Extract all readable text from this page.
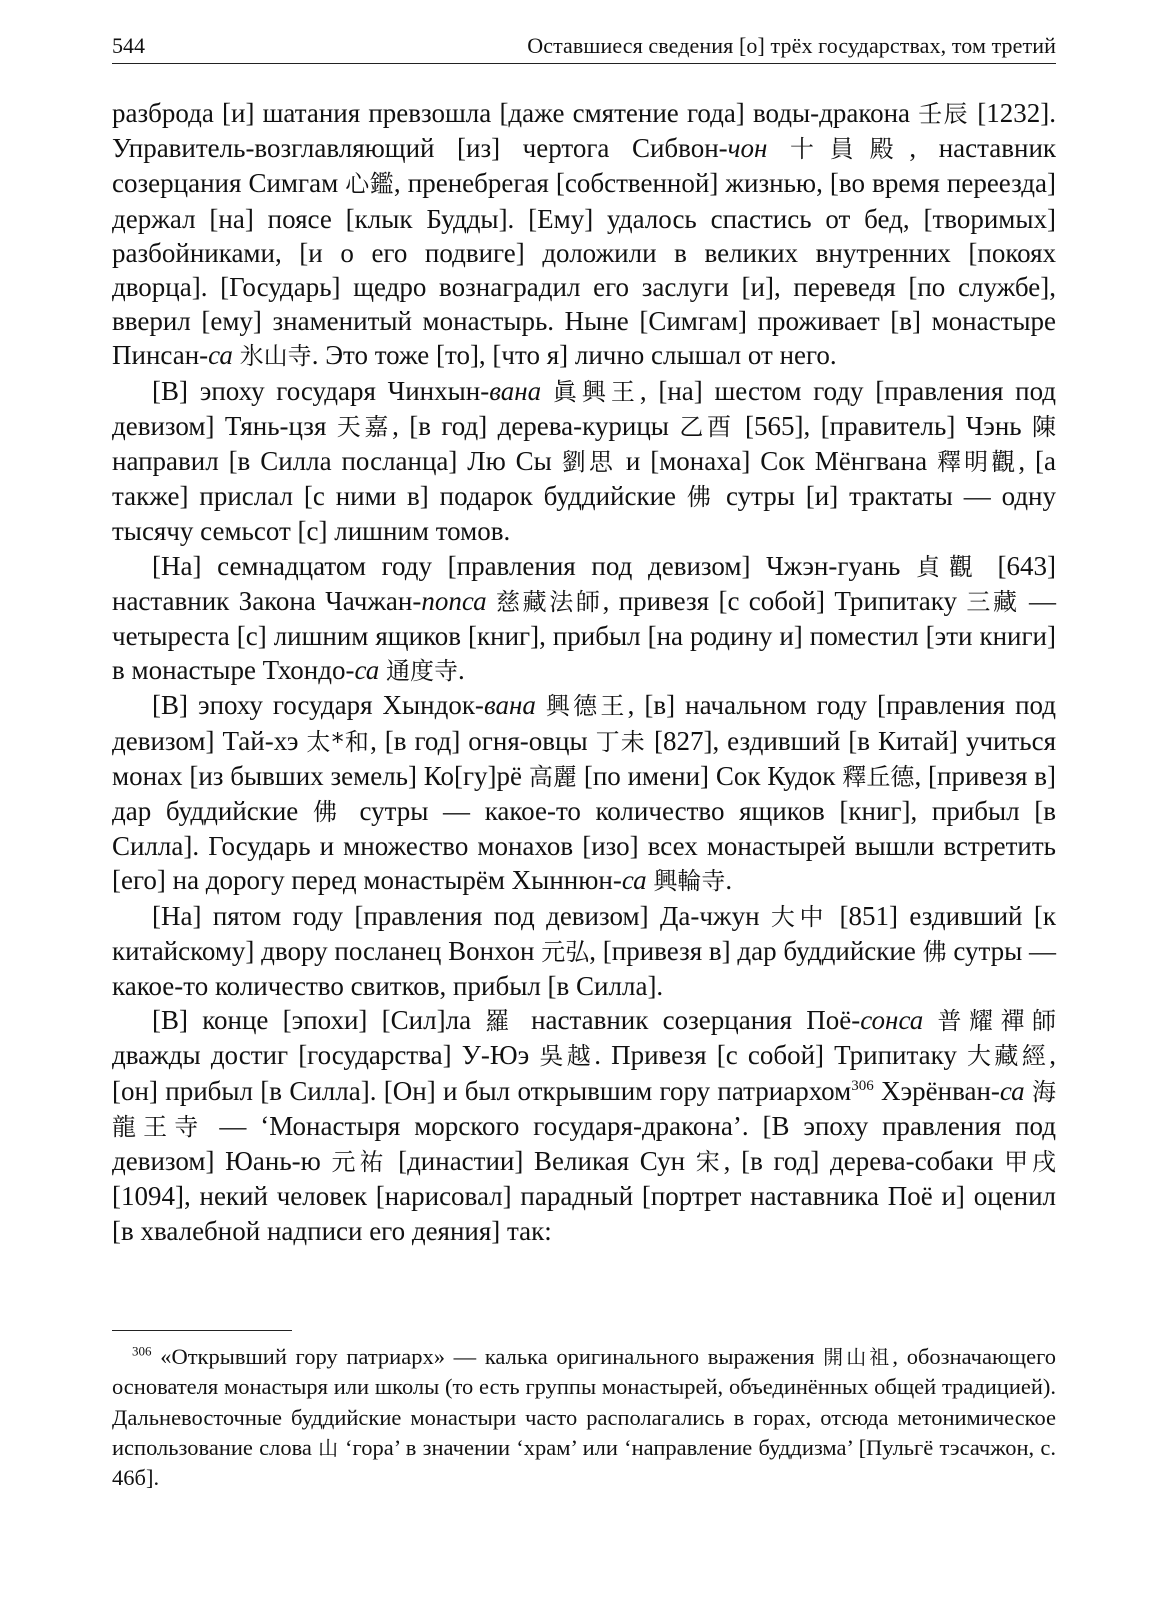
544	Оставшиеся сведения [о] трёх государствах, том третий

разброда [и] шатания превзошла [даже смятение года] воды-дракона 壬辰 [1232]. Управитель-возглавляющий [из] чертога Сибвон-чон 十員殿, наставник созерцания Симгам 心鑑, пренебрегая [собственной] жизнью, [во время переезда] держал [на] поясе [клык Будды]. [Ему] удалось спастись от бед, [творимых] разбойниками, [и о его подвиге] доложили в великих внутренних [покоях дворца]. [Государь] щедро вознаградил его заслуги [и], переведя [по службе], вверил [ему] знаменитый монастырь. Ныне [Симгам] проживает [в] монастыре Пинсан-са 氷山寺. Это тоже [то], [что я] лично слышал от него.

[В] эпоху государя Чинхын-вана 眞興王, [на] шестом году [правления под девизом] Тянь-цзя 天嘉, [в год] дерева-курицы 乙酉 [565], [правитель] Чэнь 陳 направил [в Силла посланца] Лю Сы 劉思 и [монаха] Сок Мёнгвана 釋明觀, [а также] прислал [с ними в] подарок буддийские 佛 сутры [и] трактаты — одну тысячу семьсот [с] лишним томов.

[На] семнадцатом году [правления под девизом] Чжэн-гуань 貞觀 [643] наставник Закона Чачжан-попса 慈藏法師, привезя [с собой] Трипитаку 三藏 — четыреста [с] лишним ящиков [книг], прибыл [на родину и] поместил [эти книги] в монастыре Тхондо-са 通度寺.

[В] эпоху государя Хындок-вана 興德王, [в] начальном году [правления под девизом] Тай-хэ 太*和, [в год] огня-овцы 丁未 [827], ездивший [в Китай] учиться монах [из бывших земель] Ко[гу]рё 高麗 [по имени] Сок Кудок 釋丘德, [привезя в] дар буддийские 佛 сутры — какое-то количество ящиков [книг], прибыл [в Силла]. Государь и множество монахов [изо] всех монастырей вышли встретить [его] на дорогу перед монастырём Хыннюн-са 興輪寺.

[На] пятом году [правления под девизом] Да-чжун 大中 [851] ездивший [к китайскому] двору посланец Вонхон 元弘, [привезя в] дар буддийские 佛 сутры — какое-то количество свитков, прибыл [в Силла].

[В] конце [эпохи] [Сил]ла 羅 наставник созерцания Поё-сонса 普耀禪師 дважды достиг [государства] У-Юэ 吳越. Привезя [с собой] Трипитаку 大藏經, [он] прибыл [в Силла]. [Он] и был открывшим гору патриархом$^{306}$ Хэрёнван-са 海龍王寺 — ‘Монастыря морского государя-дракона’. [В эпоху правления под девизом] Юань-ю 元祐 [династии] Великая Сун 宋, [в год] дерева-собаки 甲戌 [1094], некий человек [нарисовал] парадный [портрет наставника Поё и] оценил [в хвалебной надписи его деяния] так:

$^{306}$ «Открывший гору патриарх» — калька оригинального выражения 開山祖, обозначающего основателя монастыря или школы (то есть группы монастырей, объединённых общей традицией). Дальневосточные буддийские монастыри часто располагались в горах, отсюда метонимическое использование слова 山 ‘гора’ в значении ‘храм’ или ‘направление буддизма’ [Пульгё тэсачжон, с. 46б].
